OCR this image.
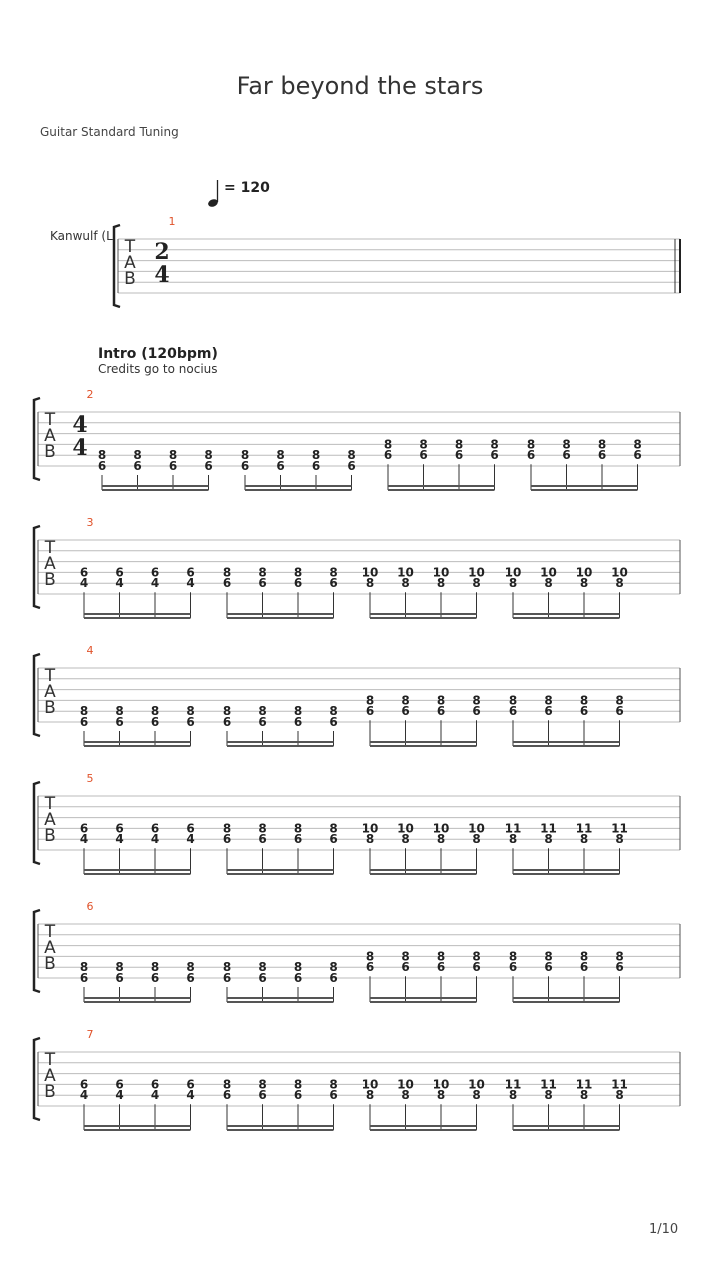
Far beyond the stars
Guitar Standard Tuning
= 120
Kanwulf (L
Intro (120bpm)
Credits go to nocius
1/10
T
A
B
1
2
4
T
A
B
2
4
4 8
6
8
6
8
6
8
6
8
6
8
6
8
6
8
6
8
6
8
6
8
6
8
6
8
6
8
6
8
6
8
6
T
A
B
3
6
4
6
4
6
4
6
4
8
6
8
6
8
6
8
6
10
8
10
8
10
8
10
8
10
8
10
8
10
8
10
8
T
A
B
4
8
6
8
6
8
6
8
6
8
6
8
6
8
6
8
6
8
6
8
6
8
6
8
6
8
6
8
6
8
6
8
6
T
A
B
5
6
4
6
4
6
4
6
4
8
6
8
6
8
6
8
6
10
8
10
8
10
8
10
8
11
8
11
8
11
8
11
8
T
A
B
6
8
6
8
6
8
6
8
6
8
6
8
6
8
6
8
6
8
6
8
6
8
6
8
6
8
6
8
6
8
6
8
6
T
A
B
7
6
4
6
4
6
4
6
4
8
6
8
6
8
6
8
6
10
8
10
8
10
8
10
8
11
8
11
8
11
8
11
8
